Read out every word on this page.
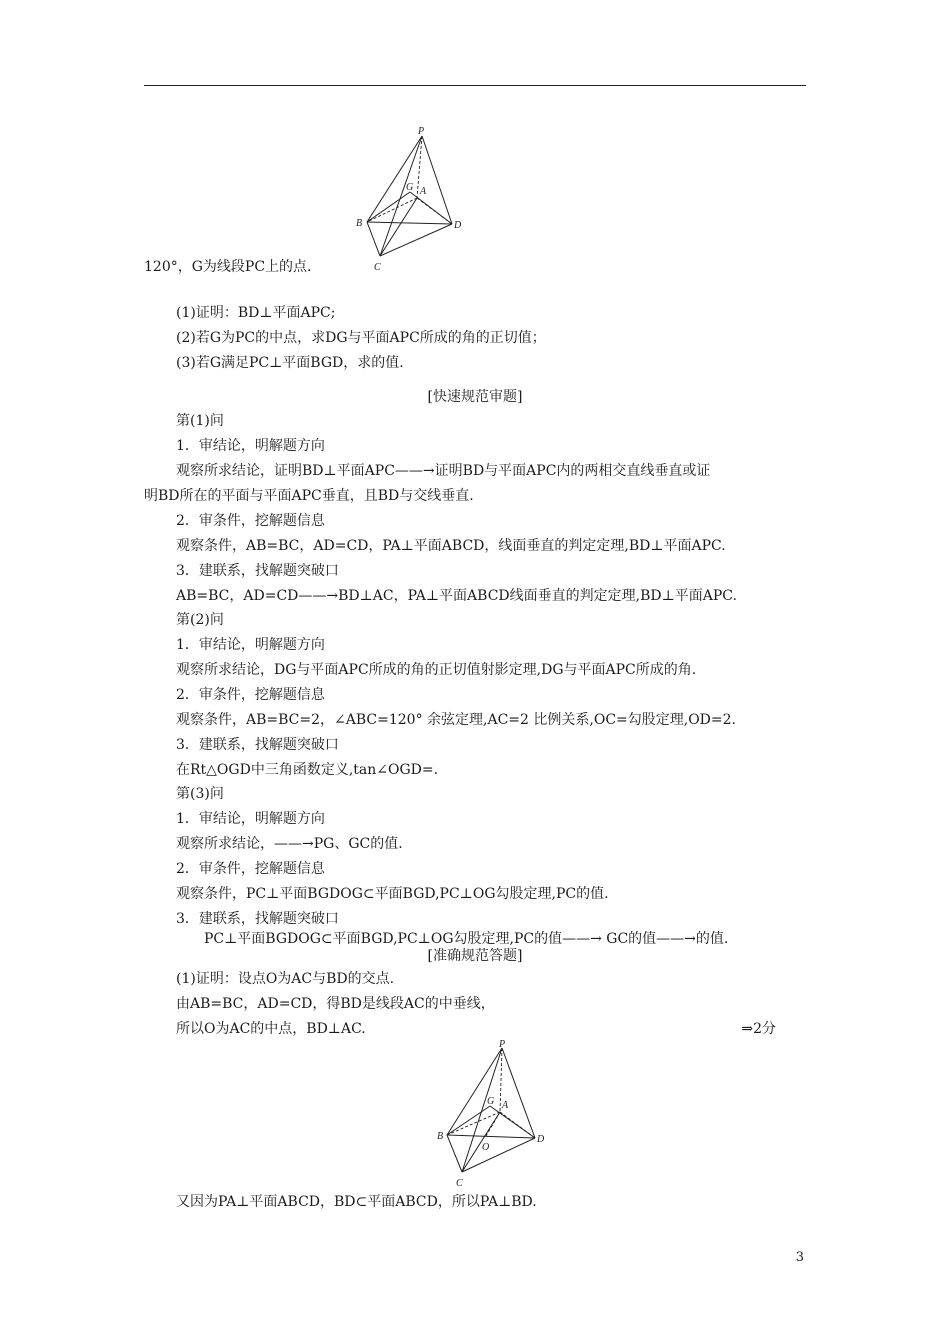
P
G A
B	D
C
120°，G为线段PC上的点.
(1)证明：BD⊥平面APC;
(2)若G为PC的中点，求DG与平面APC所成的角的正切值；
(3)若G满足PC⊥平面BGD，求的值.
[快速规范审题]
第(1)问
1．审结论，明解题方向
观察所求结论，证明BD⊥平面APC——→证明BD与平面APC内的两相交直线垂直或证
明BD所在的平面与平面APC垂直，且BD与交线垂直.
2．审条件，挖解题信息
观察条件，AB=BC，AD=CD，PA⊥平面ABCD，线面垂直的判定定理,BD⊥平面APC.
3．建联系，找解题突破口
AB=BC，AD=CD——→BD⊥AC，PA⊥平面ABCD线面垂直的判定定理,BD⊥平面APC.
第(2)问
1．审结论，明解题方向
观察所求结论，DG与平面APC所成的角的正切值射影定理,DG与平面APC所成的角.
2．审条件，挖解题信息
观察条件，AB=BC=2，∠ABC=120° 余弦定理,AC=2 比例关系,OC=勾股定理,OD=2.
3．建联系，找解题突破口
在Rt△OGD中三角函数定义,tan∠OGD=.
第(3)问
1．审结论，明解题方向
观察所求结论，——→PG、GC的值.
2．审条件，挖解题信息
观察条件，PC⊥平面BGDOG⊂平面BGD,PC⊥OG勾股定理,PC的值.
3．建联系，找解题突破口
PC⊥平面BGDOG⊂平面BGD,PC⊥OG勾股定理,PC的值——→ GC的值——→的值.
[准确规范答题]
(1)证明：设点O为AC与BD的交点.
由AB=BC，AD=CD，得BD是线段AC的中垂线，
所以O为AC的中点，BD⊥AC.	⇒2分
P
G A
B
O
D
C
又因为PA⊥平面ABCD，BD⊂平面ABCD，所以PA⊥BD.
3
